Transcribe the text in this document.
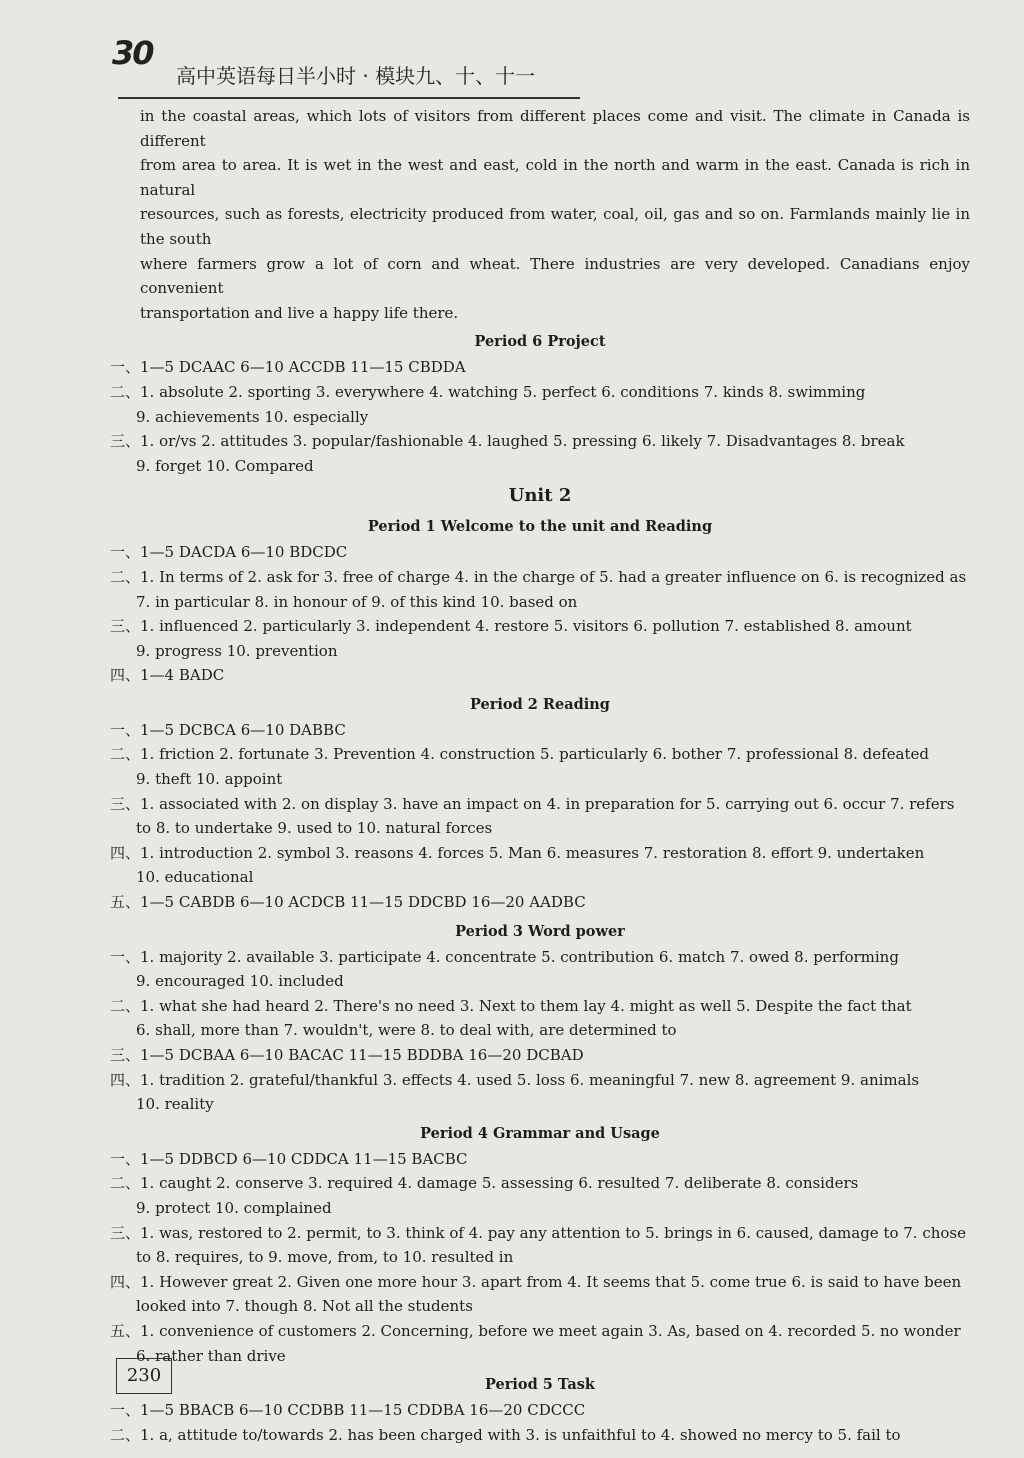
30
高中英语每日半小时 · 模块九、十、十一

in the coastal areas, which lots of visitors from different places come and visit. The climate in Canada is different

from area to area. It is wet in the west and east, cold in the north and warm in the east. Canada is rich in natural

resources, such as forests, electricity produced from water, coal, oil, gas and so on. Farmlands mainly lie in the south

where farmers grow a lot of corn and wheat. There industries are very developed. Canadians enjoy convenient

transportation and live a happy life there.

Period 6 Project
一、1—5 DCAAC 6—10 ACCDB 11—15 CBDDA
二、1. absolute 2. sporting 3. everywhere 4. watching 5. perfect 6. conditions 7. kinds 8. swimming
9. achievements 10. especially
三、1. or/vs 2. attitudes 3. popular/fashionable 4. laughed 5. pressing 6. likely 7. Disadvantages 8. break
9. forget 10. Compared
Unit 2
Period 1 Welcome to the unit and Reading
一、1—5 DACDA 6—10 BDCDC
二、1. In terms of 2. ask for 3. free of charge 4. in the charge of 5. had a greater influence on 6. is recognized as
7. in particular 8. in honour of 9. of this kind 10. based on
三、1. influenced 2. particularly 3. independent 4. restore 5. visitors 6. pollution 7. established 8. amount
9. progress 10. prevention
四、1—4 BADC
Period 2 Reading
一、1—5 DCBCA 6—10 DABBC
二、1. friction 2. fortunate 3. Prevention 4. construction 5. particularly 6. bother 7. professional 8. defeated
9. theft 10. appoint
三、1. associated with 2. on display 3. have an impact on 4. in preparation for 5. carrying out 6. occur 7. refers
to 8. to undertake 9. used to 10. natural forces
四、1. introduction 2. symbol 3. reasons 4. forces 5. Man 6. measures 7. restoration 8. effort 9. undertaken
10. educational
五、1—5 CABDB 6—10 ACDCB 11—15 DDCBD 16—20 AADBC
Period 3 Word power
一、1. majority 2. available 3. participate 4. concentrate 5. contribution 6. match 7. owed 8. performing
9. encouraged 10. included
二、1. what she had heard 2. There's no need 3. Next to them lay 4. might as well 5. Despite the fact that
6. shall, more than 7. wouldn't, were 8. to deal with, are determined to
三、1—5 DCBAA 6—10 BACAC 11—15 BDDBA 16—20 DCBAD
四、1. tradition 2. grateful/thankful 3. effects 4. used 5. loss 6. meaningful 7. new 8. agreement 9. animals
10. reality
Period 4 Grammar and Usage
一、1—5 DDBCD 6—10 CDDCA 11—15 BACBC
二、1. caught 2. conserve 3. required 4. damage 5. assessing 6. resulted 7. deliberate 8. considers
9. protect 10. complained
三、1. was, restored to 2. permit, to 3. think of 4. pay any attention to 5. brings in 6. caused, damage to 7. chose
to 8. requires, to 9. move, from, to 10. resulted in
四、1. However great 2. Given one more hour 3. apart from 4. It seems that 5. come true 6. is said to have been
looked into 7. though 8. Not all the students
五、1. convenience of customers 2. Concerning, before we meet again 3. As, based on 4. recorded 5. no wonder
6. rather than drive
Period 5 Task
一、1—5 BBACB 6—10 CCDBB 11—15 CDDBA 16—20 CDCCC
二、1. a, attitude to/towards 2. has been charged with 3. is unfaithful to 4. showed no mercy to 5. fail to
230
